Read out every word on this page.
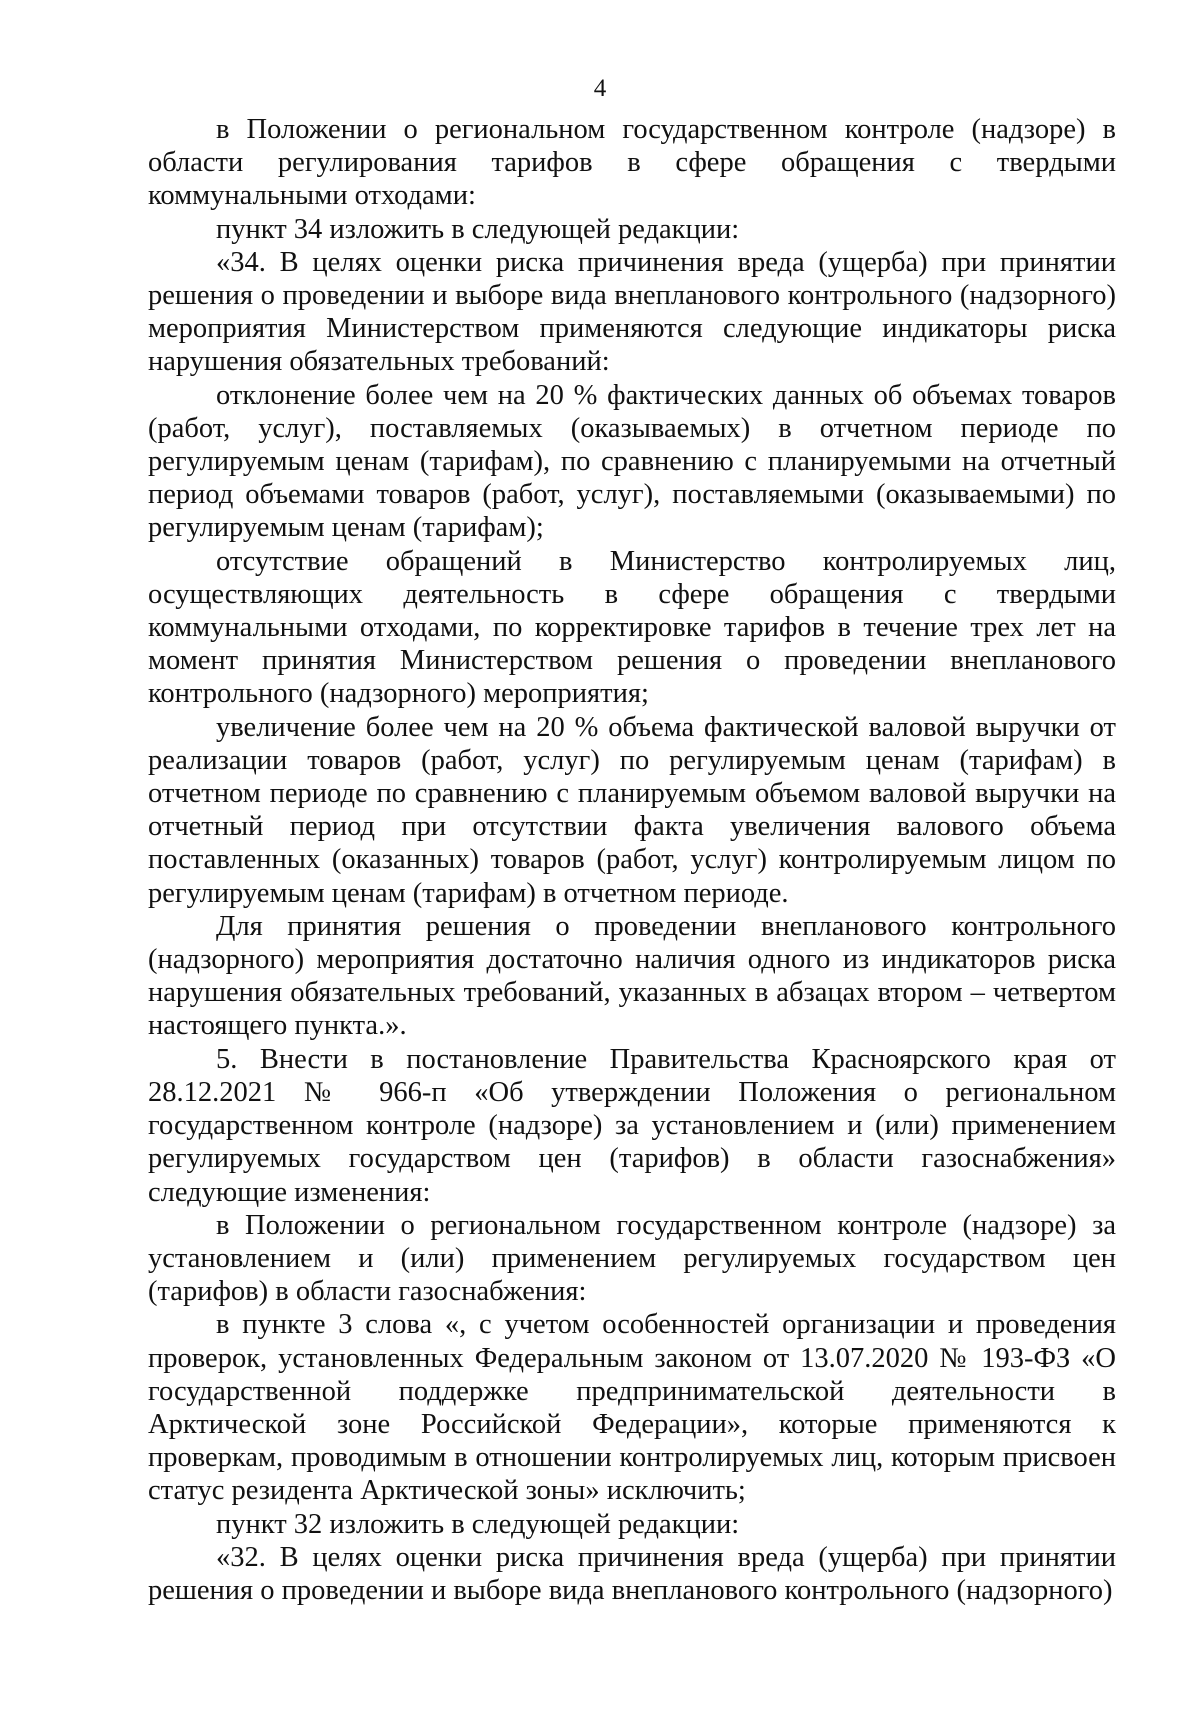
4

в Положении о региональном государственном контроле (надзоре) в области регулирования тарифов в сфере обращения с твердыми коммунальными отходами:

пункт 34 изложить в следующей редакции:

«34. В целях оценки риска причинения вреда (ущерба) при принятии решения о проведении и выборе вида внепланового контрольного (надзорного) мероприятия Министерством применяются следующие индикаторы риска нарушения обязательных требований:

отклонение более чем на 20 % фактических данных об объемах товаров (работ, услуг), поставляемых (оказываемых) в отчетном периоде по регулируемым ценам (тарифам), по сравнению с планируемыми на отчетный период объемами товаров (работ, услуг), поставляемыми (оказываемыми) по регулируемым ценам (тарифам);

отсутствие обращений в Министерство контролируемых лиц, осуществляющих деятельность в сфере обращения с твердыми коммунальными отходами, по корректировке тарифов в течение трех лет на момент принятия Министерством решения о проведении внепланового контрольного (надзорного) мероприятия;

увеличение более чем на 20 % объема фактической валовой выручки от реализации товаров (работ, услуг) по регулируемым ценам (тарифам) в отчетном периоде по сравнению с планируемым объемом валовой выручки на отчетный период при отсутствии факта увеличения валового объема поставленных (оказанных) товаров (работ, услуг) контролируемым лицом по регулируемым ценам (тарифам) в отчетном периоде.

Для принятия решения о проведении внепланового контрольного (надзорного) мероприятия достаточно наличия одного из индикаторов риска нарушения обязательных требований, указанных в абзацах втором – четвертом настоящего пункта.».

5. Внести в постановление Правительства Красноярского края от 28.12.2021 № 966-п «Об утверждении Положения о региональном государственном контроле (надзоре) за установлением и (или) применением регулируемых государством цен (тарифов) в области газоснабжения» следующие изменения:

в Положении о региональном государственном контроле (надзоре) за установлением и (или) применением регулируемых государством цен (тарифов) в области газоснабжения:

в пункте 3 слова «, с учетом особенностей организации и проведения проверок, установленных Федеральным законом от 13.07.2020 № 193-ФЗ «О государственной поддержке предпринимательской деятельности в Арктической зоне Российской Федерации», которые применяются к проверкам, проводимым в отношении контролируемых лиц, которым присвоен статус резидента Арктической зоны» исключить;

пункт 32 изложить в следующей редакции:

«32. В целях оценки риска причинения вреда (ущерба) при принятии решения о проведении и выборе вида внепланового контрольного (надзорного)
